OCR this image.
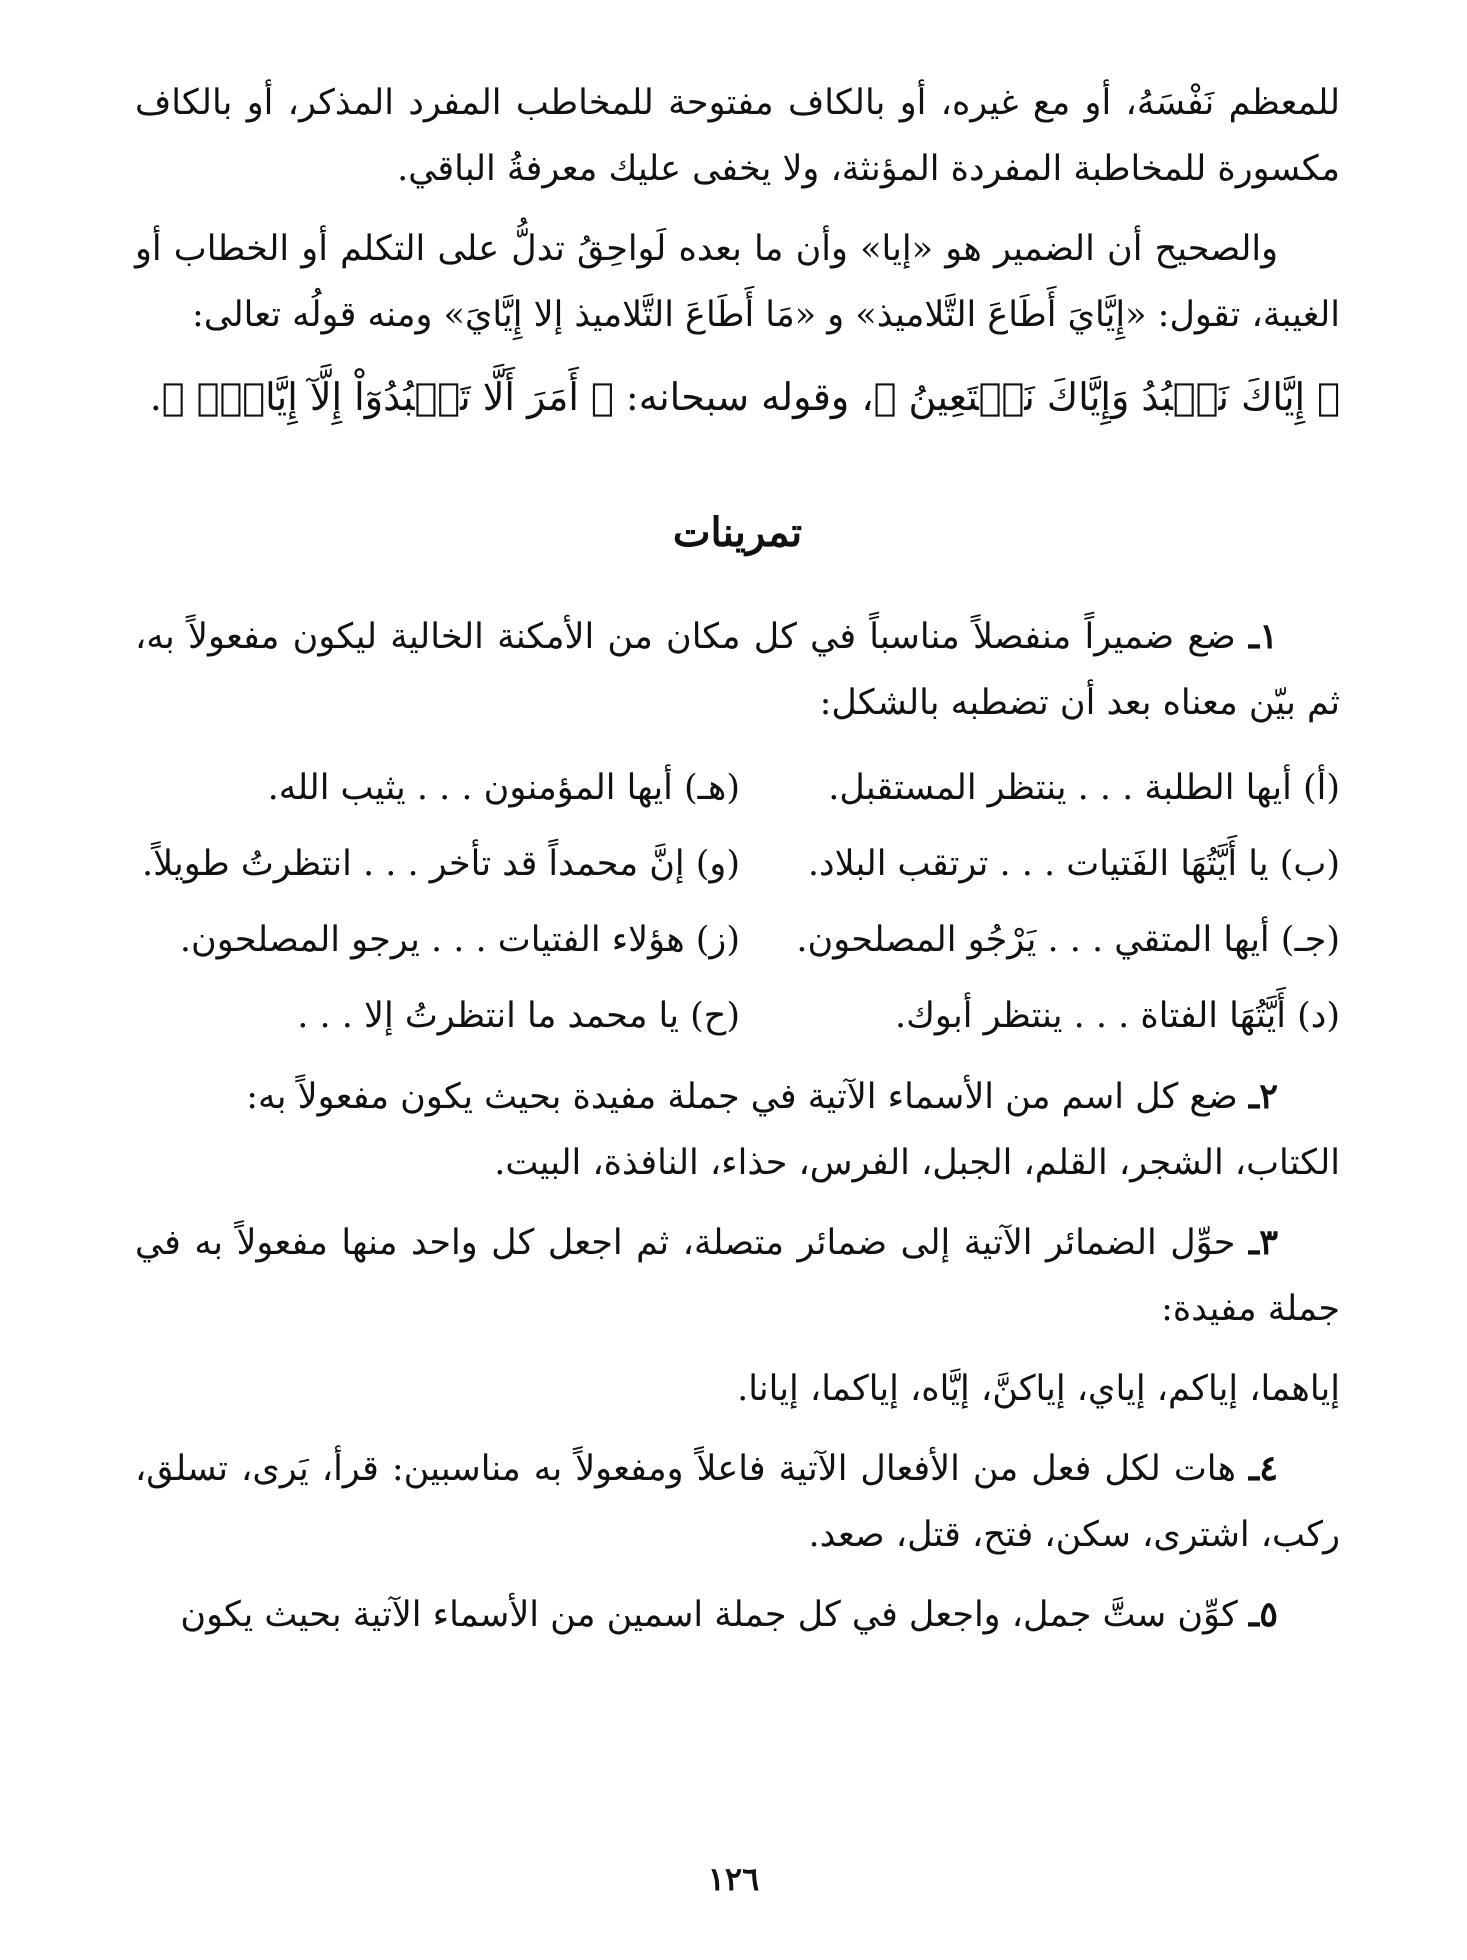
للمعظم نَفْسَهُ، أو مع غيره، أو بالكاف مفتوحة للمخاطب المفرد المذكر، أو بالكاف مكسورة للمخاطبة المفردة المؤنثة، ولا يخفى عليك معرفةُ الباقي.

والصحيح أن الضمير هو «إيا» وأن ما بعده لَواحِقُ تدلُّ على التكلم أو الخطاب أو الغيبة، تقول: «إِيَّايَ أَطَاعَ التَّلاميذ» و «مَا أَطَاعَ التَّلاميذ إلا إِيَّايَ» ومنه قولُه تعالى:

﴿ إِيَّاكَ نَعۡبُدُ وَإِيَّاكَ نَسۡتَعِينُ ﴾، وقوله سبحانه: ﴿ أَمَرَ أَلَّا تَعۡبُدُوٓاْ إِلَّآ إِيَّاهُۚ ﴾.

تمرينات

١ـ ضع ضميراً منفصلاً مناسباً في كل مكان من الأمكنة الخالية ليكون مفعولاً به، ثم بيّن معناه بعد أن تضطبه بالشكل:

(أ) أيها الطلبة . . . ينتظر المستقبل.
(هـ) أيها المؤمنون . . . يثيب الله.
(ب) يا أَيَّتُهَا الفَتيات . . . ترتقب البلاد.
(و) إنَّ محمداً قد تأخر . . . انتظرتُ طويلاً.
(جـ) أيها المتقي . . . يَرْجُو المصلحون.
(ز) هؤلاء الفتيات . . . يرجو المصلحون.
(د) أَيَّتُهَا الفتاة . . . ينتظر أبوك.
(ح) يا محمد ما انتظرتُ إلا . . .

٢ـ ضع كل اسم من الأسماء الآتية في جملة مفيدة بحيث يكون مفعولاً به:

الكتاب، الشجر، القلم، الجبل، الفرس، حذاء، النافذة، البيت.

٣ـ حوِّل الضمائر الآتية إلى ضمائر متصلة، ثم اجعل كل واحد منها مفعولاً به في جملة مفيدة:

إياهما، إياكم، إياي، إياكنَّ، إيَّاه، إياكما، إيانا.

٤ـ هات لكل فعل من الأفعال الآتية فاعلاً ومفعولاً به مناسبين: قرأ، يَرى، تسلق، ركب، اشترى، سكن، فتح، قتل، صعد.

٥ـ كوِّن ستَّ جمل، واجعل في كل جملة اسمين من الأسماء الآتية بحيث يكون

١٢٦
